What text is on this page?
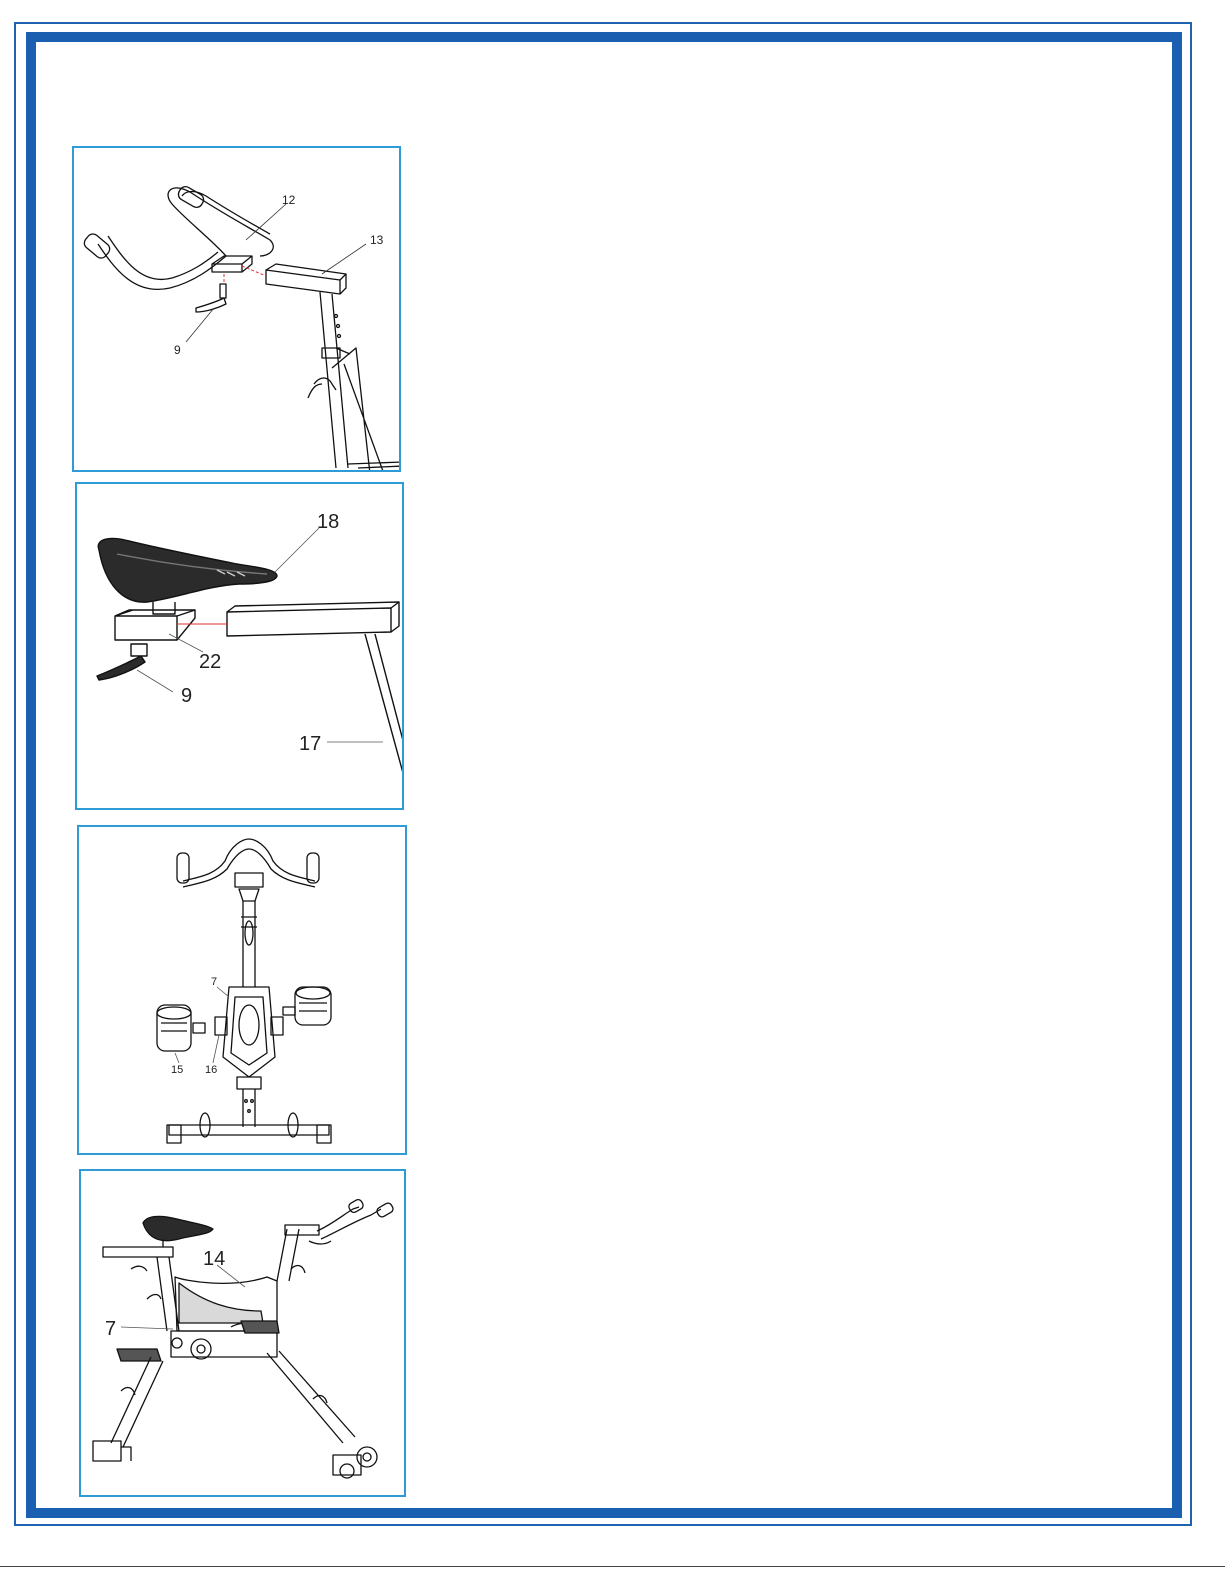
12
13
9
18
22
9
17
7
15 16
14
7
